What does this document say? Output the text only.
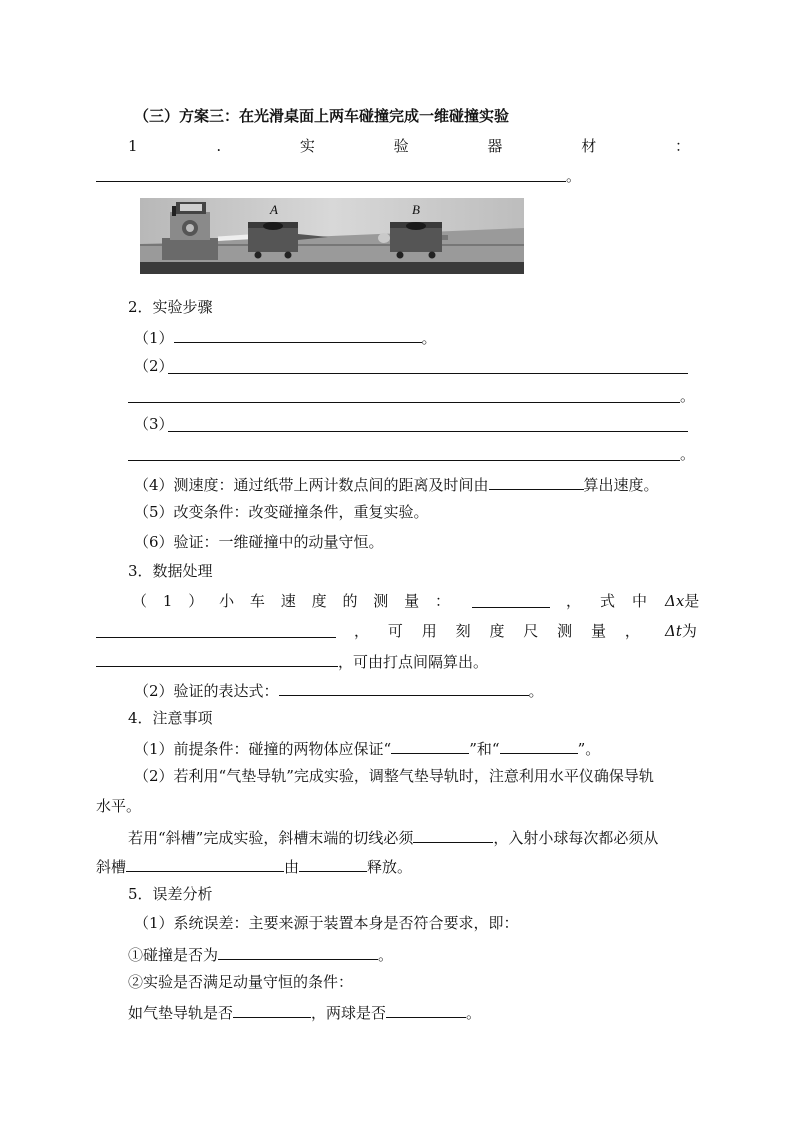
（三）方案三：在光滑桌面上两车碰撞完成一维碰撞实验
1	.	实	验	器	材	：
。
A	B
2．实验步骤
（1）	。
（2）
。
（3）
。
（4）测速度：通过纸带上两计数点间的距离及时间由	算出速度。
（5）改变条件：改变碰撞条件，重复实验。
（6）验证：一维碰撞中的动量守恒。
3．数据处理
（ 1 ） 小 车 速 度 的 测 量 ：	， 式 中 Δx是
， 可 用 刻 度 尺 测 量 ， Δt为
，可由打点间隔算出。
（2）验证的表达式：	。
4．注意事项
（1）前提条件：碰撞的两物体应保证“	”和“	”。
（2）若利用“气垫导轨”完成实验，调整气垫导轨时，注意利用水平仪确保导轨
水平。
若用“斜槽”完成实验，斜槽末端的切线必须	，入射小球每次都必须从
斜槽	由	释放。
5．误差分析
（1）系统误差：主要来源于装置本身是否符合要求，即：
①碰撞是否为	。
②实验是否满足动量守恒的条件：
如气垫导轨是否	，两球是否	。
